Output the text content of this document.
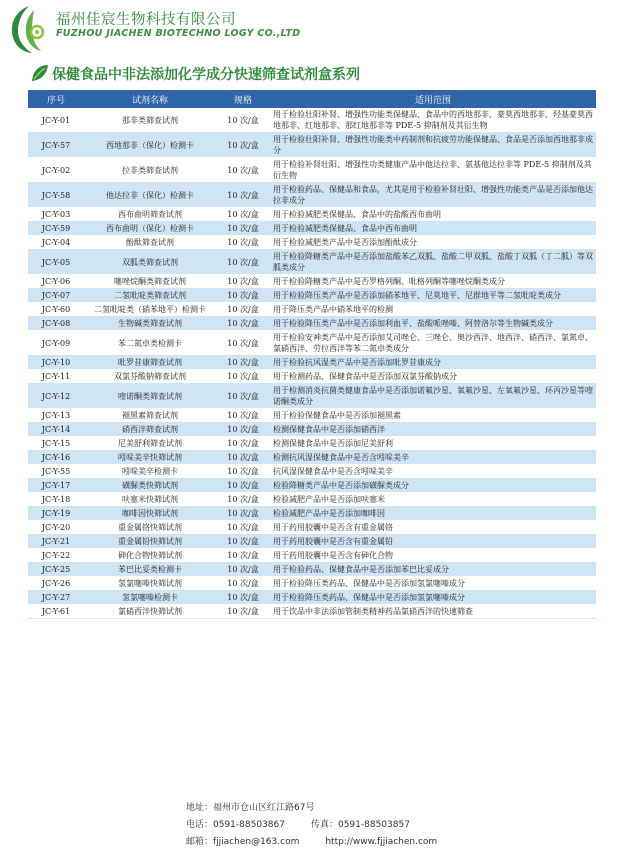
福州佳宸生物科技有限公司
FUZHOU JIACHEN BIOTECHNO LOGY CO.,LTD
保健食品中非法添加化学成分快速筛查试剂盒系列
序号	试剂名称	规格	适用范围
JC-Y-01	那非类筛查试剂	10 次/盒	用于检验壮阳补肾、增强性功能类保健品、食品中的西地那非、豪莫西地那非、羟基豪莫西地那非、红地那非、那红地那非等 PDE-5 抑制剂及其衍生物
JC-Y-57	西地那非（保化）检测卡	10 次/盒	用于检验壮阳补肾、增强性功能类中药制剂和抗疲劳功能保健品、食品是否添加西地那非成分
JC-Y-02	拉非类筛查试剂	10 次/盒	用于检验补肾壮阳、增强性功类健康产品中他达拉非、氨基他达拉非等 PDE-5 抑制剂及其衍生物
JC-Y-58	他达拉非（保化）检测卡	10 次/盒	用于检验药品、保健品和食品，尤其是用于检验补肾壮阳、增强性功能类产品是否添加他达拉非成分
JC-Y-03	西布曲明筛查试剂	10 次/盒	用于检验减肥类保健品、食品中的盐酸西布曲明
JC-Y-59	西布曲明（保化）检测卡	10 次/盒	用于检验减肥类保健品、食品中西布曲明
JC-Y-04	酚酞筛查试剂	10 次/盒	用于检验减肥类产品中是否添加酚酞成分
JC-Y-05	双胍类筛查试剂	10 次/盒	用于检验降糖类产品中是否添加盐酸苯乙双胍、盐酸二甲双胍、盐酸丁双胍（丁二胍）等双胍类成分
JC-Y-06	噻唑烷酮类筛查试剂	10 次/盒	用于检验降糖类产品中是否罗格列酮、吡格列酮等噻唑烷酮类成分
JC-Y-07	二氢吡啶类筛查试剂	10 次/盒	用于检验降压类产品中是否添加硝苯地平、尼莫地平、尼群地平等二氢吡啶类成分
JC-Y-60	二氢吡啶类（硝苯地平）检测卡	10 次/盒	用于降压类产品中硝苯地平的检测
JC-Y-08	生物碱类筛查试剂	10 次/盒	用于检验降压类产品中是否添加利血平、盐酸哌唑嗪、阿替洛尔等生物碱类成分
JC-Y-09	苯二氮卓类检测卡	10 次/盒	用于检验安神类产品中是否添加艾司唑仑、三唑仑、奥沙西泮、地西泮、硝西泮、氯氮卓、氯硝西泮、劳拉西泮等苯二氮卓类成分
JC-Y-10	吡罗昔康筛查试剂	10 次/盒	用于检验抗风湿类产品中是否添加吡罗昔康成分
JC-Y-11	双氯芬酸钠筛查试剂	10 次/盒	用于检测药品、保健食品中是否添加双氯芬酸钠成分
JC-Y-12	喹诺酮类筛查试剂	10 次/盒	用于检测消炎抗菌类健康食品中是否添加诺氟沙星、氧氟沙星、左氧氟沙星、环丙沙星等喹诺酮类成分
JC-Y-13	褪黑素筛查试剂	10 次/盒	用于检验保健食品中是否添加褪黑素
JC-Y-14	硝西泮筛查试剂	10 次/盒	检测保健食品中是否添加硝西泮
JC-Y-15	尼美舒利筛查试剂	10 次/盒	检测保健食品中是否添加尼美舒利
JC-Y-16	吲哚美辛快筛试剂	10 次/盒	检测抗风湿保健食品中是否含吲哚美辛
JC-Y-55	吲哚美辛检测卡	10 次/盒	抗风湿保健食品中是否含吲哚美辛
JC-Y-17	磺脲类快筛试剂	10 次/盒	检验降糖类产品中是否添加磺脲类成分
JC-Y-18	呋塞米快筛试剂	10 次/盒	检验减肥产品中是否添加呋塞米
JC-Y-19	咖啡因快筛试剂	10 次/盒	检验减肥产品中是否添加咖啡因
JC-Y-20	重金属铬快筛试剂	10 次/盒	用于药用胶囊中是否含有重金属铬
JC-Y-21	重金属铅快筛试剂	10 次/盒	用于药用胶囊中是否含有重金属铅
JC-Y-22	砷化合物快筛试剂	10 次/盒	用于药用胶囊中是否含有砷化合物
JC-Y-25	苯巴比妥类检测卡	10 次/盒	用于检验药品、保健食品中是否添加苯巴比妥成分
JC-Y-26	氢氯噻嗪快筛试剂	10 次/盒	用于检验降压类药品、保健品中是否添加氢氯噻嗪成分
JC-Y-27	氢氯噻嗪检测卡	10 次/盒	用于检验降压类药品、保健品中是否添加氢氯噻嗪成分
JC-Y-61	氯硝西泮快筛试剂	10 次/盒	用于饮品中非法添加管制类精神药品氯硝西泮的快速筛查
地址：福州市仓山区红江路67号
电话：0591-88503867	传真：0591-88503857
邮箱：fjjiachen@163.com	http://www.fjjiachen.com
